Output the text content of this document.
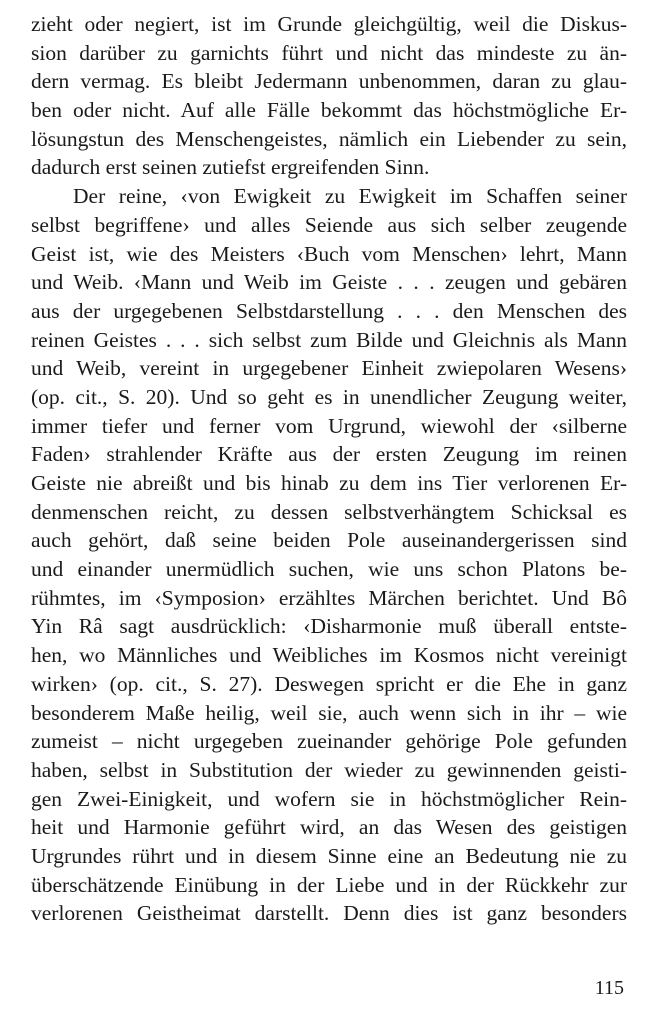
zieht oder negiert, ist im Grunde gleichgültig, weil die Diskus-
sion darüber zu garnichts führt und nicht das mindeste zu än-
dern vermag. Es bleibt Jedermann unbenommen, daran zu glau-
ben oder nicht. Auf alle Fälle bekommt das höchstmögliche Er-
lösungstun des Menschengeistes, nämlich ein Liebender zu sein,
dadurch erst seinen zutiefst ergreifenden Sinn.
Der reine, ‹von Ewigkeit zu Ewigkeit im Schaffen seiner
selbst begriffene› und alles Seiende aus sich selber zeugende
Geist ist, wie des Meisters ‹Buch vom Menschen› lehrt, Mann
und Weib. ‹Mann und Weib im Geiste . . . zeugen und gebären
aus der urgegebenen Selbstdarstellung . . . den Menschen des
reinen Geistes . . . sich selbst zum Bilde und Gleichnis als Mann
und Weib, vereint in urgegebener Einheit zwiepolaren Wesens›
(op. cit., S. 20). Und so geht es in unendlicher Zeugung weiter,
immer tiefer und ferner vom Urgrund, wiewohl der ‹silberne
Faden› strahlender Kräfte aus der ersten Zeugung im reinen
Geiste nie abreißt und bis hinab zu dem ins Tier verlorenen Er-
denmenschen reicht, zu dessen selbstverhängtem Schicksal es
auch gehört, daß seine beiden Pole auseinandergerissen sind
und einander unermüdlich suchen, wie uns schon Platons be-
rühmtes, im ‹Symposion› erzähltes Märchen berichtet. Und Bô
Yin Râ sagt ausdrücklich: ‹Disharmonie muß überall entste-
hen, wo Männliches und Weibliches im Kosmos nicht vereinigt
wirken› (op. cit., S. 27). Deswegen spricht er die Ehe in ganz
besonderem Maße heilig, weil sie, auch wenn sich in ihr – wie
zumeist – nicht urgegeben zueinander gehörige Pole gefunden
haben, selbst in Substitution der wieder zu gewinnenden geisti-
gen Zwei-Einigkeit, und wofern sie in höchstmöglicher Rein-
heit und Harmonie geführt wird, an das Wesen des geistigen
Urgrundes rührt und in diesem Sinne eine an Bedeutung nie zu
überschätzende Einübung in der Liebe und in der Rückkehr zur
verlorenen Geistheimat darstellt. Denn dies ist ganz besonders
115
